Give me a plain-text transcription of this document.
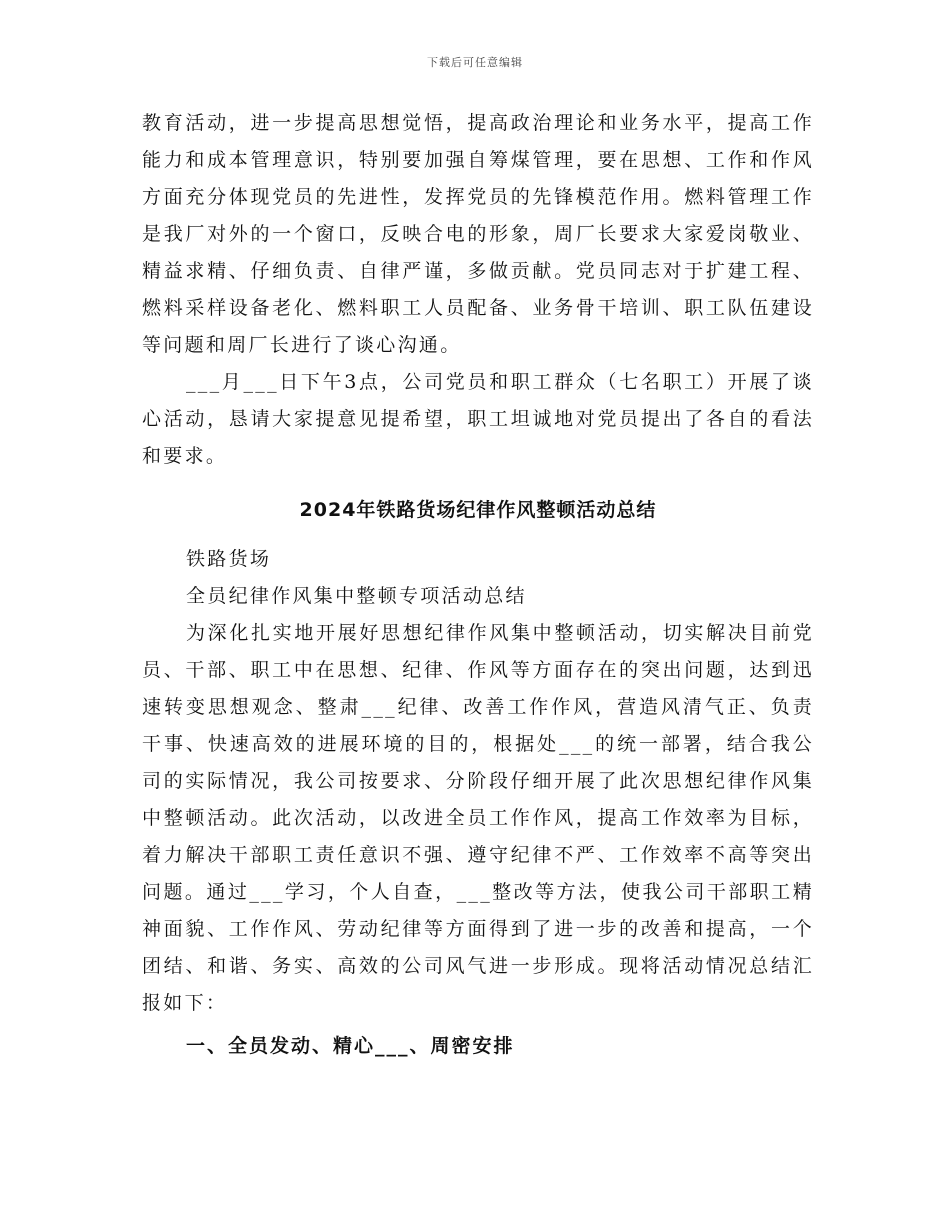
下载后可任意编辑

教育活动，进一步提高思想觉悟，提高政治理论和业务水平，提高工作能力和成本管理意识，特别要加强自筹煤管理，要在思想、工作和作风方面充分体现党员的先进性，发挥党员的先锋模范作用。燃料管理工作是我厂对外的一个窗口，反映合电的形象，周厂长要求大家爱岗敬业、精益求精、仔细负责、自律严谨，多做贡献。党员同志对于扩建工程、燃料采样设备老化、燃料职工人员配备、业务骨干培训、职工队伍建设等问题和周厂长进行了谈心沟通。

___月___日下午3点，公司党员和职工群众（七名职工）开展了谈心活动，恳请大家提意见提希望，职工坦诚地对党员提出了各自的看法和要求。

2024年铁路货场纪律作风整顿活动总结

铁路货场

全员纪律作风集中整顿专项活动总结

为深化扎实地开展好思想纪律作风集中整顿活动，切实解决目前党员、干部、职工中在思想、纪律、作风等方面存在的突出问题，达到迅速转变思想观念、整肃___纪律、改善工作作风，营造风清气正、负责干事、快速高效的进展环境的目的，根据处___的统一部署，结合我公司的实际情况，我公司按要求、分阶段仔细开展了此次思想纪律作风集中整顿活动。此次活动，以改进全员工作作风，提高工作效率为目标，着力解决干部职工责任意识不强、遵守纪律不严、工作效率不高等突出问题。通过___学习，个人自查，___整改等方法，使我公司干部职工精神面貌、工作作风、劳动纪律等方面得到了进一步的改善和提高，一个团结、和谐、务实、高效的公司风气进一步形成。现将活动情况总结汇报如下：

一、全员发动、精心___、周密安排
